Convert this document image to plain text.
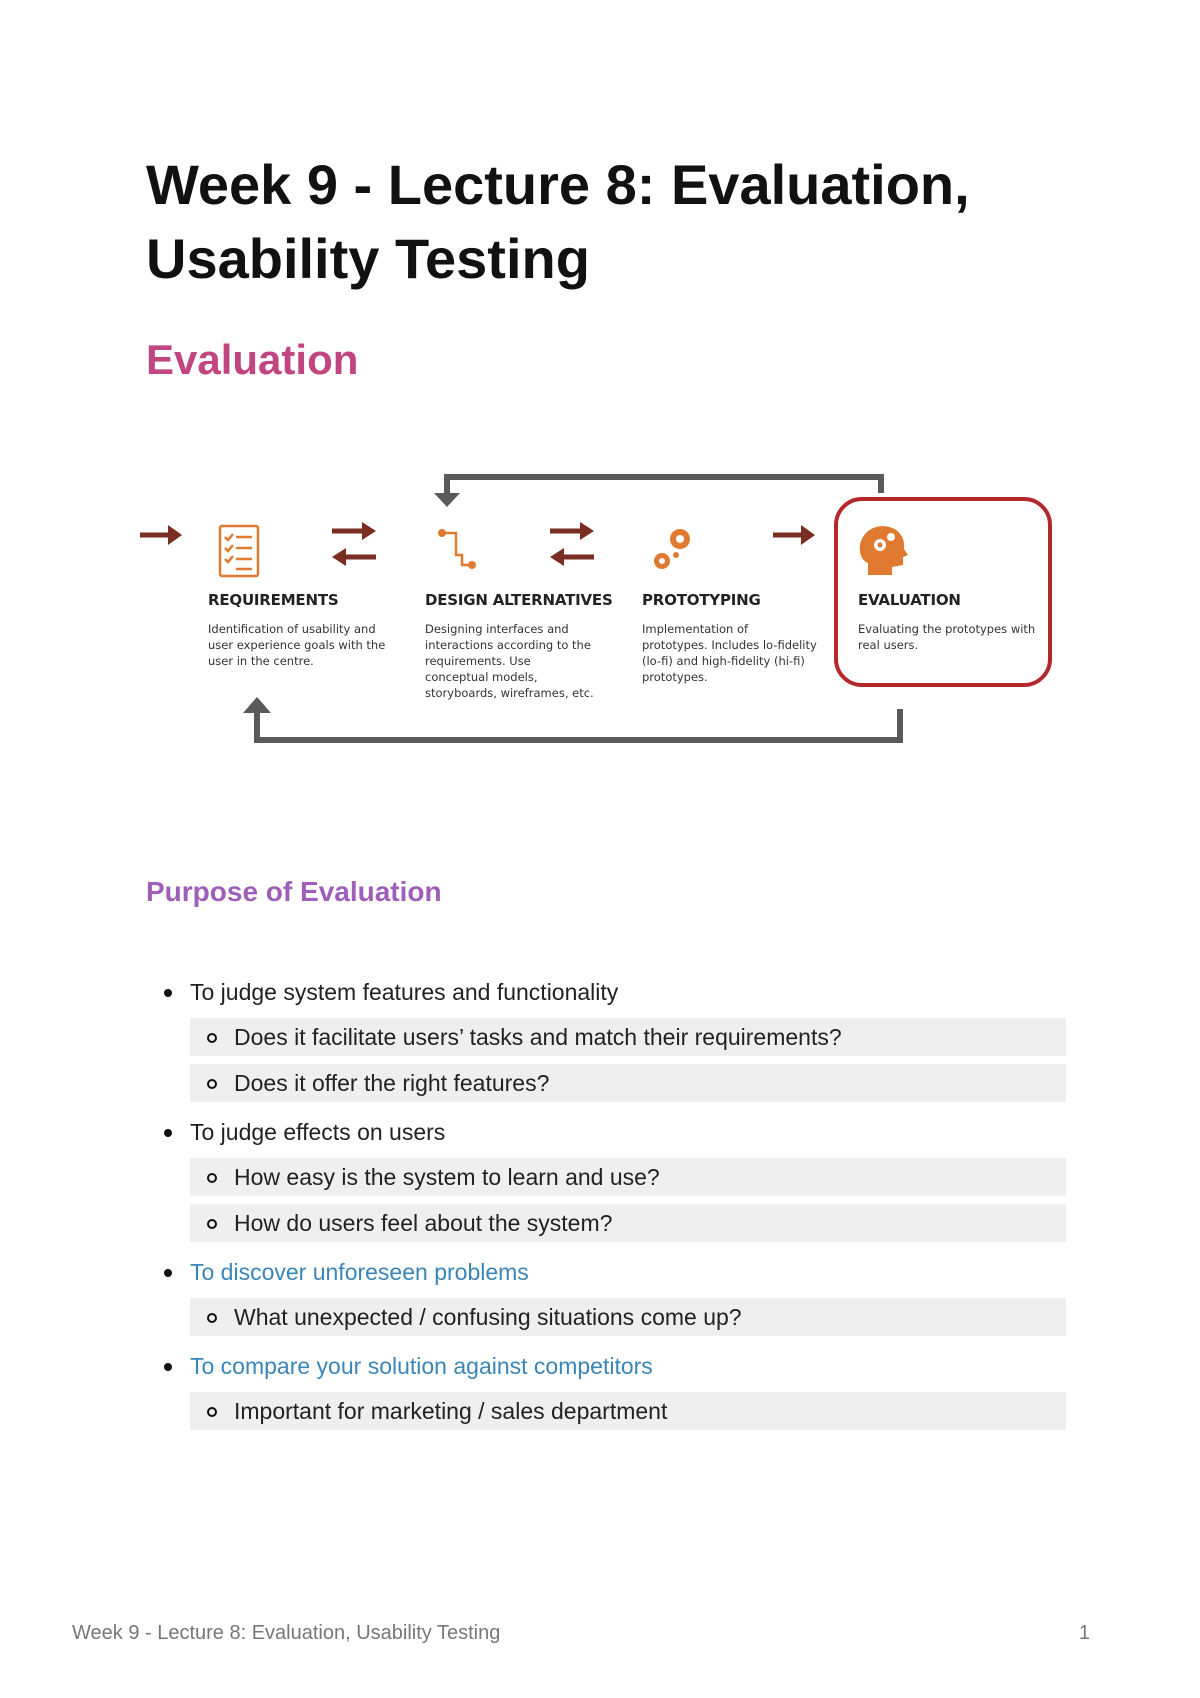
Week 9 - Lecture 8: Evaluation, Usability Testing
Evaluation
REQUIREMENTS
Identification of usability and user experience goals with the user in the centre.
DESIGN ALTERNATIVES
Designing interfaces and interactions according to the requirements. Use conceptual models, storyboards, wireframes, etc.
PROTOTYPING
Implementation of prototypes. Includes lo-fidelity (lo-fi) and high-fidelity (hi-fi) prototypes.
EVALUATION
Evaluating the prototypes with real users.
Purpose of Evaluation
To judge system features and functionality
Does it facilitate users’ tasks and match their requirements?
Does it offer the right features?
To judge effects on users
How easy is the system to learn and use?
How do users feel about the system?
To discover unforeseen problems
What unexpected / confusing situations come up?
To compare your solution against competitors
Important for marketing / sales department
Week 9 - Lecture 8: Evaluation, Usability Testing	1
